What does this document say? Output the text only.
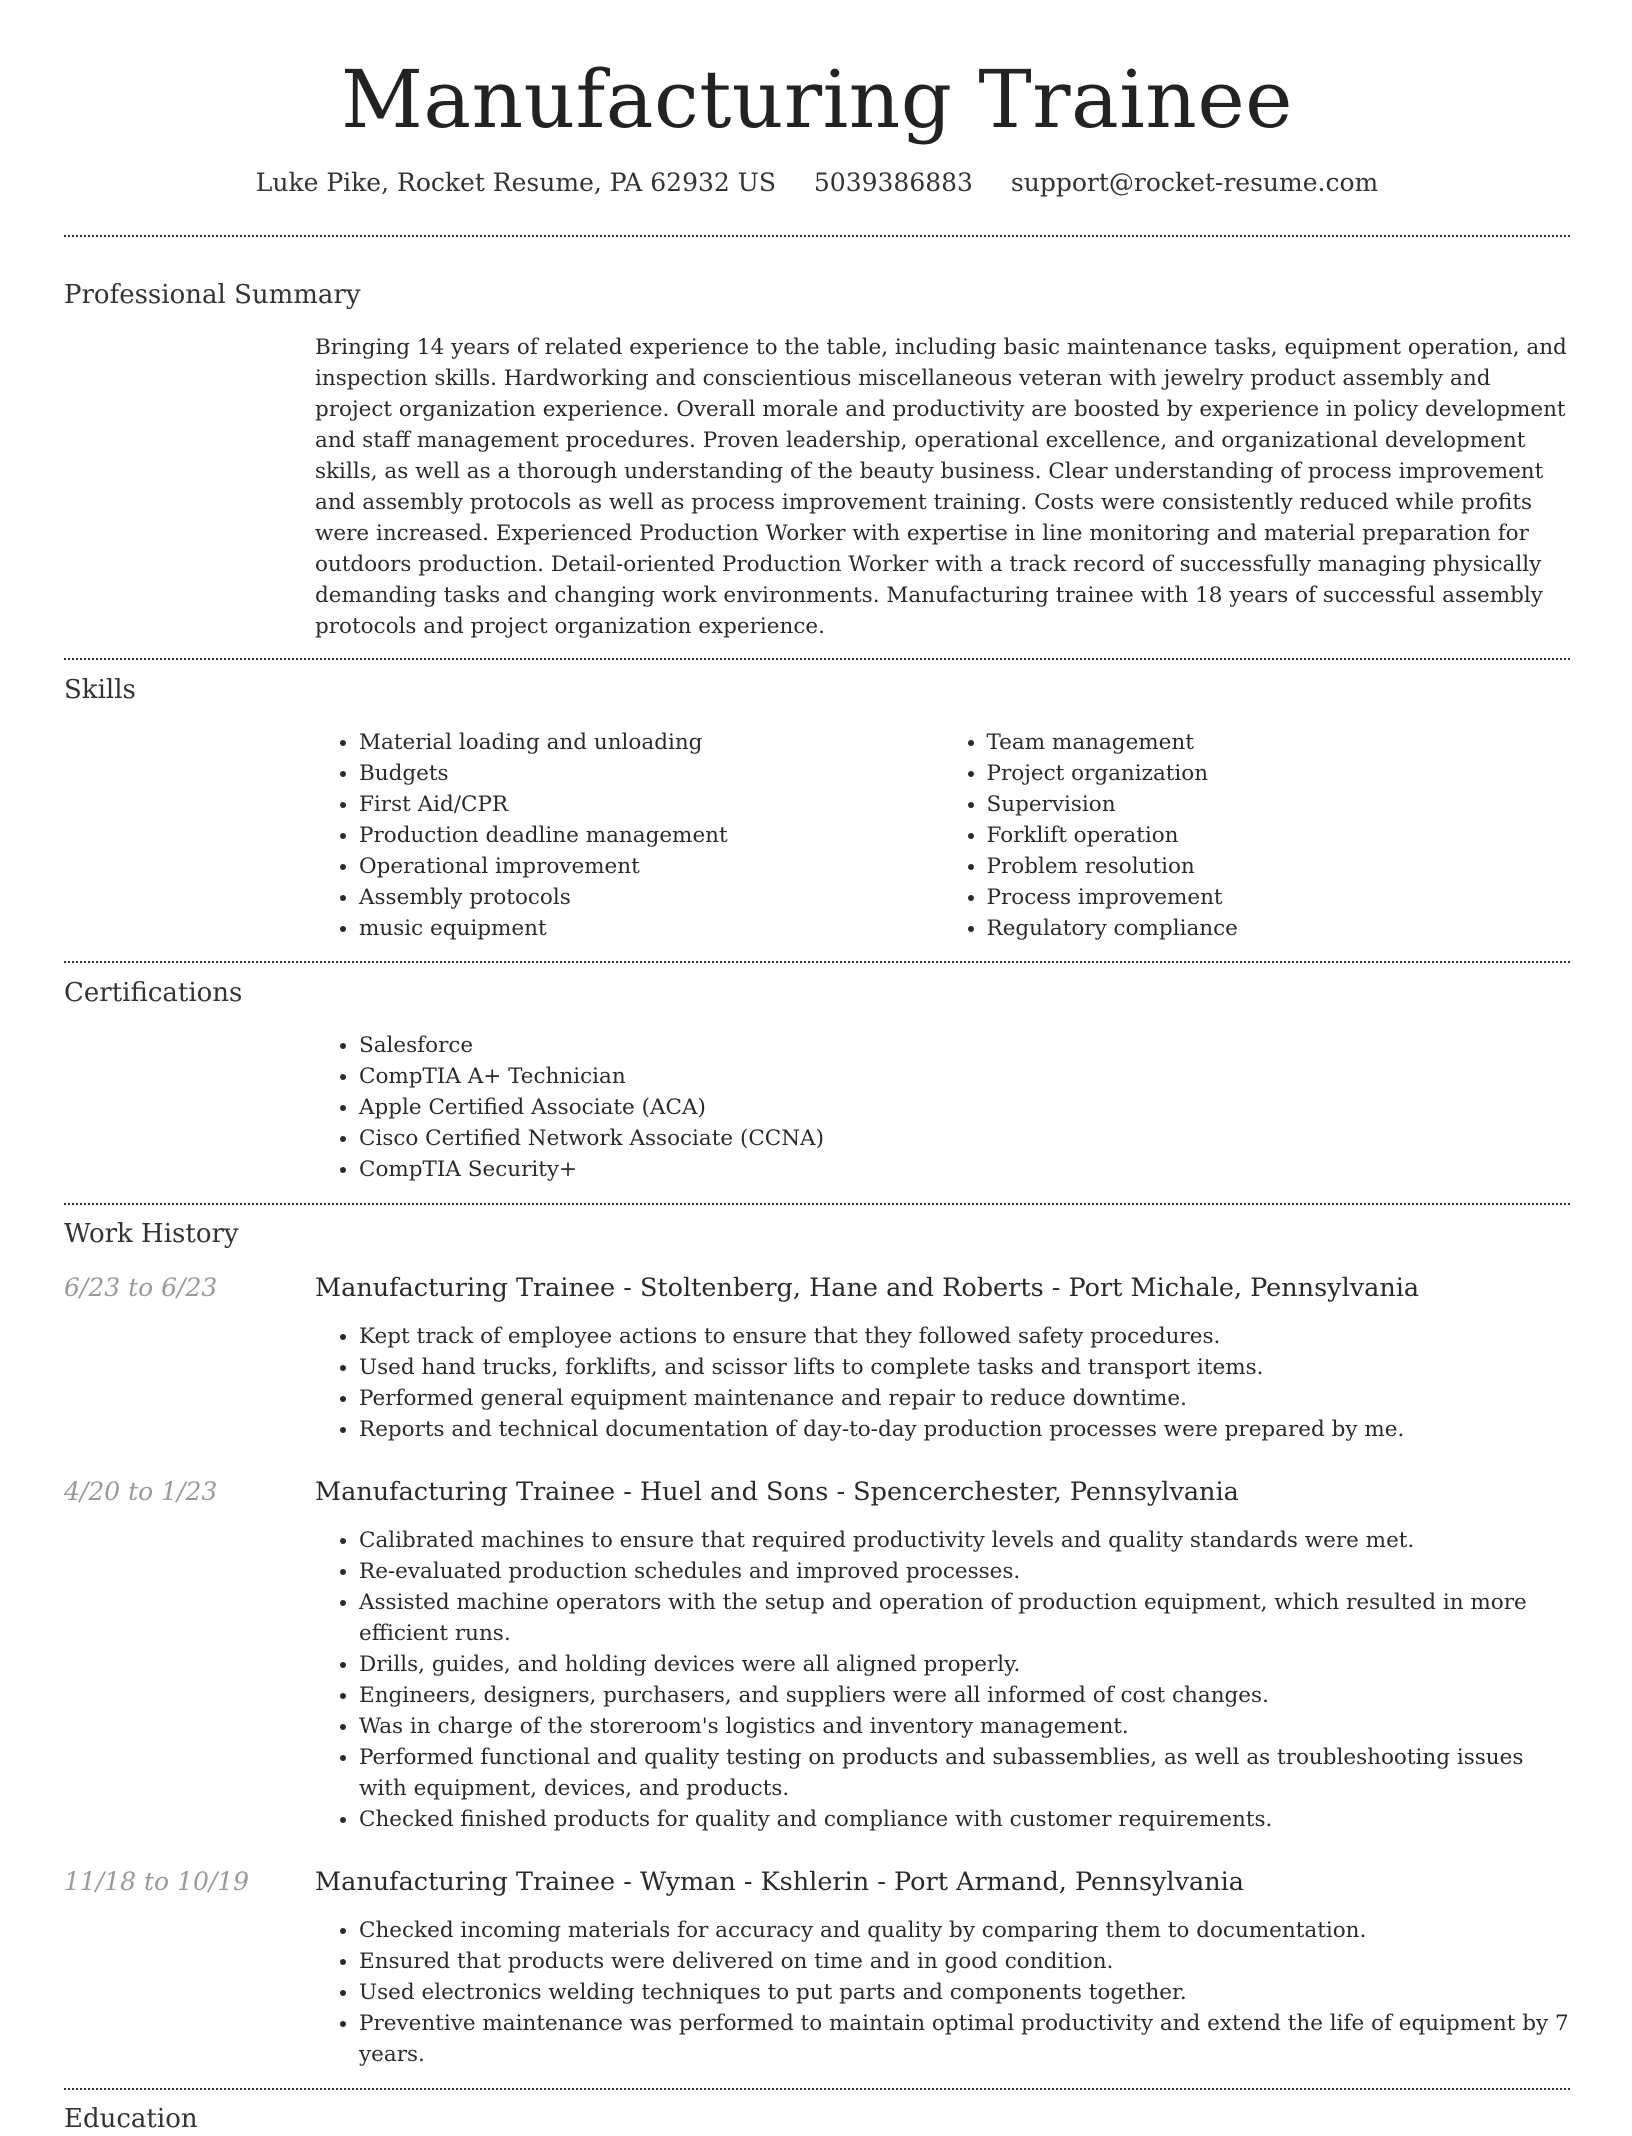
Manufacturing Trainee
Luke Pike, Rocket Resume, PA 62932 US 5039386883 support@rocket-resume.com
Professional Summary
Bringing 14 years of related experience to the table, including basic maintenance tasks, equipment operation, and inspection skills. Hardworking and conscientious miscellaneous veteran with jewelry product assembly and project organization experience. Overall morale and productivity are boosted by experience in policy development and staff management procedures. Proven leadership, operational excellence, and organizational development skills, as well as a thorough understanding of the beauty business. Clear understanding of process improvement and assembly protocols as well as process improvement training. Costs were consistently reduced while profits were increased. Experienced Production Worker with expertise in line monitoring and material preparation for outdoors production. Detail-oriented Production Worker with a track record of successfully managing physically demanding tasks and changing work environments. Manufacturing trainee with 18 years of successful assembly protocols and project organization experience.
Skills
• Material loading and unloading
• Budgets
• First Aid/CPR
• Production deadline management
• Operational improvement
• Assembly protocols
• music equipment
• Team management
• Project organization
• Supervision
• Forklift operation
• Problem resolution
• Process improvement
• Regulatory compliance
Certifications
• Salesforce
• CompTIA A+ Technician
• Apple Certified Associate (ACA)
• Cisco Certified Network Associate (CCNA)
• CompTIA Security+
Work History
6/23 to 6/23	Manufacturing Trainee - Stoltenberg, Hane and Roberts - Port Michale, Pennsylvania
• Kept track of employee actions to ensure that they followed safety procedures.
• Used hand trucks, forklifts, and scissor lifts to complete tasks and transport items.
• Performed general equipment maintenance and repair to reduce downtime.
• Reports and technical documentation of day-to-day production processes were prepared by me.
4/20 to 1/23	Manufacturing Trainee - Huel and Sons - Spencerchester, Pennsylvania
• Calibrated machines to ensure that required productivity levels and quality standards were met.
• Re-evaluated production schedules and improved processes.
• Assisted machine operators with the setup and operation of production equipment, which resulted in more efficient runs.
• Drills, guides, and holding devices were all aligned properly.
• Engineers, designers, purchasers, and suppliers were all informed of cost changes.
• Was in charge of the storeroom's logistics and inventory management.
• Performed functional and quality testing on products and subassemblies, as well as troubleshooting issues with equipment, devices, and products.
• Checked finished products for quality and compliance with customer requirements.
11/18 to 10/19	Manufacturing Trainee - Wyman - Kshlerin - Port Armand, Pennsylvania
• Checked incoming materials for accuracy and quality by comparing them to documentation.
• Ensured that products were delivered on time and in good condition.
• Used electronics welding techniques to put parts and components together.
• Preventive maintenance was performed to maintain optimal productivity and extend the life of equipment by 7 years.
Education
